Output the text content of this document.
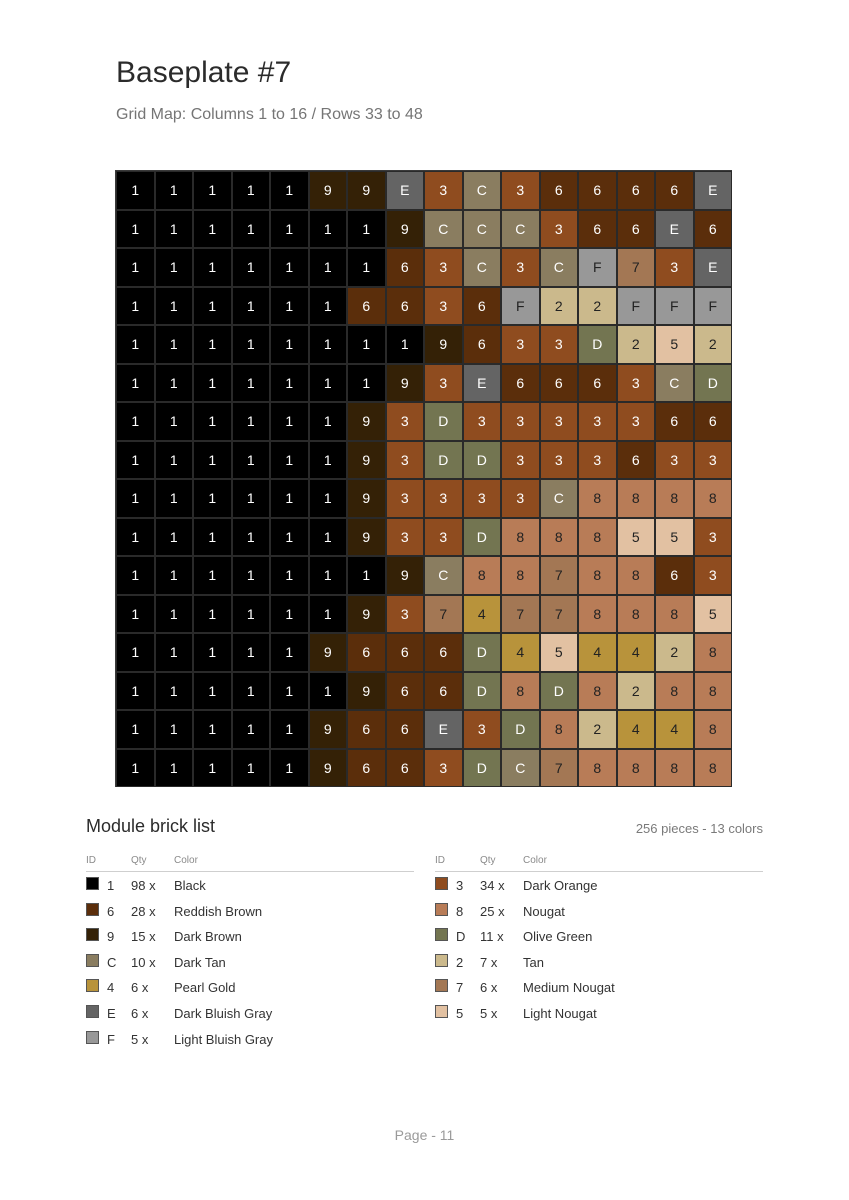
Baseplate #7
Grid Map: Columns 1 to 16 / Rows 33 to 48
1	1	1	1	1	9	9	E	3	C	3	6	6	6	6	E
1	1	1	1	1	1	1	9	C	C	C	3	6	6	E	6
1	1	1	1	1	1	1	6	3	C	3	C	F	7	3	E
1	1	1	1	1	1	6	6	3	6	F	2	2	F	F	F
1	1	1	1	1	1	1	1	9	6	3	3	D	2	5	2
1	1	1	1	1	1	1	9	3	E	6	6	6	3	C	D
1	1	1	1	1	1	9	3	D	3	3	3	3	3	6	6
1	1	1	1	1	1	9	3	D	D	3	3	3	6	3	3
1	1	1	1	1	1	9	3	3	3	3	C	8	8	8	8
1	1	1	1	1	1	9	3	3	D	8	8	8	5	5	3
1	1	1	1	1	1	1	9	C	8	8	7	8	8	6	3
1	1	1	1	1	1	9	3	7	4	7	7	8	8	8	5
1	1	1	1	1	9	6	6	6	D	4	5	4	4	2	8
1	1	1	1	1	1	9	6	6	D	8	D	8	2	8	8
1	1	1	1	1	9	6	6	E	3	D	8	2	4	4	8
1	1	1	1	1	9	6	6	3	D	C	7	8	8	8	8
Module brick list	256 pieces - 13 colors
ID	Qty	Color
1 98 x Black
6 28 x Reddish Brown
9 15 x Dark Brown
C 10 x Dark Tan
4 6 x Pearl Gold
E 6 x Dark Bluish Gray
F 5 x Light Bluish Gray
ID	Qty	Color
3 34 x Dark Orange
8 25 x Nougat
D 11 x Olive Green
2 7 x Tan
7 6 x Medium Nougat
5 5 x Light Nougat
Page - 11
